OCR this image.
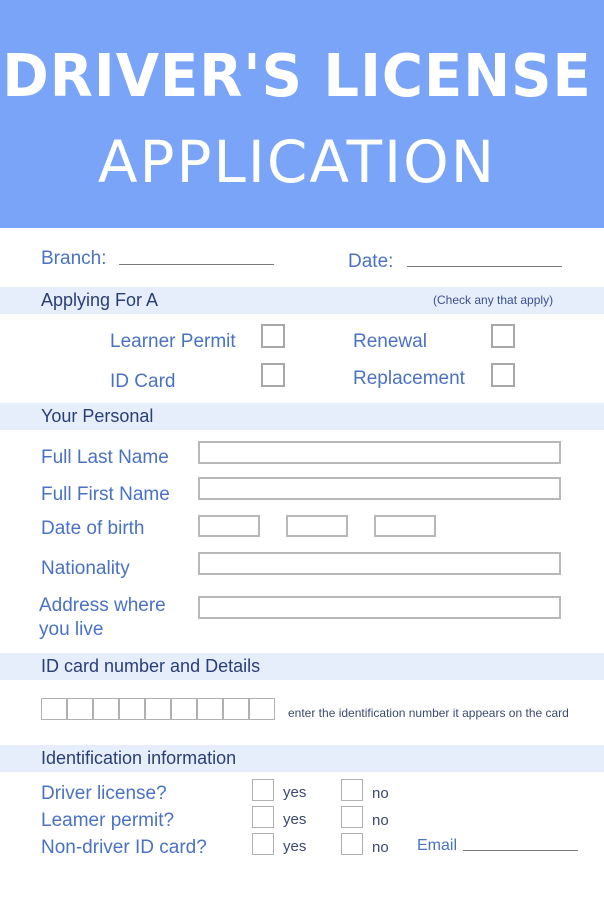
DRIVER'S LICENSE
APPLICATION
Branch:	Date:
Applying For A	(Check any that apply)
Learner Permit	Renewal
ID Card	Replacement
Your Personal
Full Last Name
Full First Name
Date of birth
Nationality
Address where
you live
ID card number and Details
enter the identification number it appears on the card
Identification information
Driver license?	yes	no
Leamer permit?	yes	no
Non-driver ID card?	yes	no Email
